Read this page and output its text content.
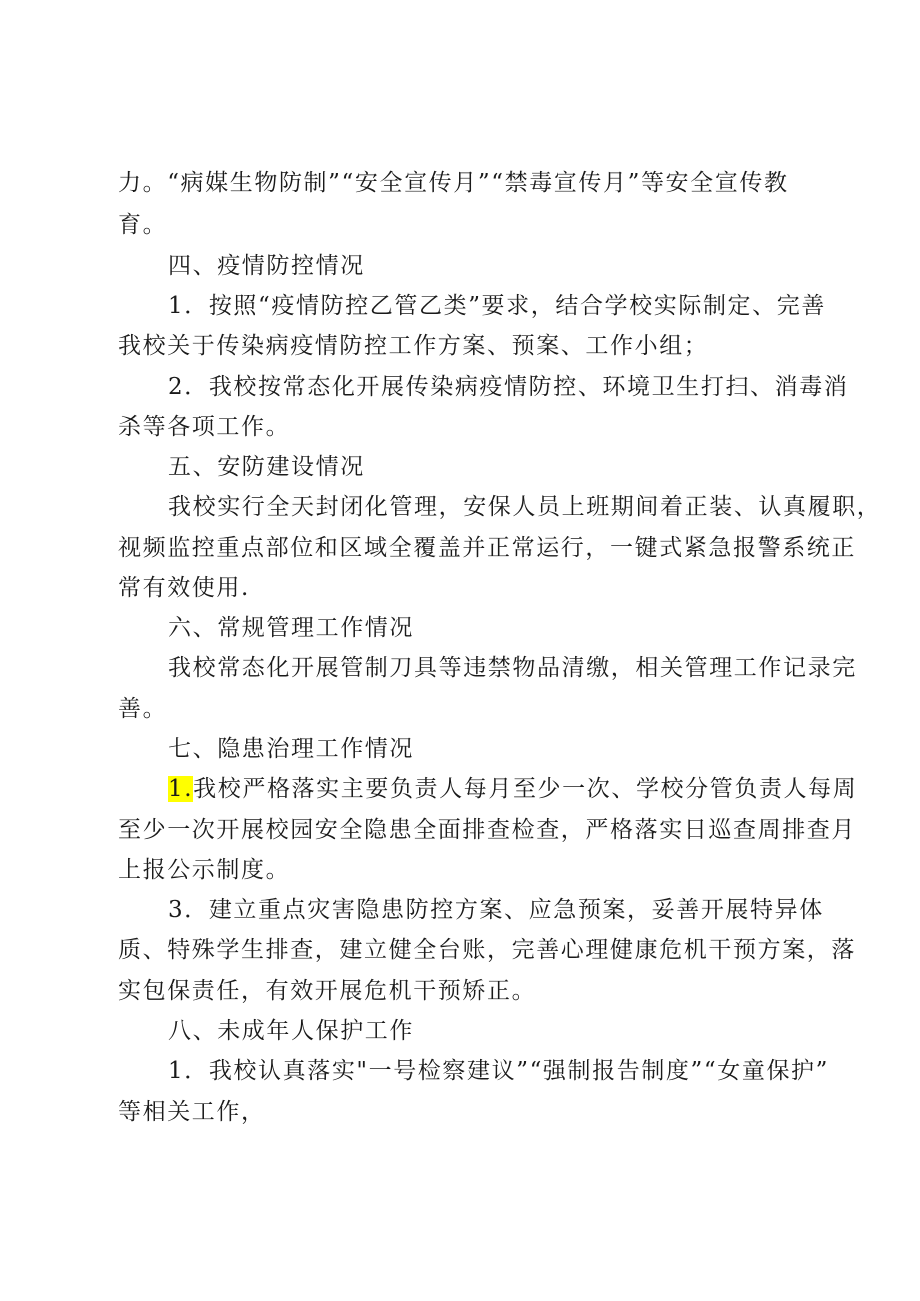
力。“病媒生物防制”“安全宣传月”“禁毒宣传月”等安全宣传教
育。
四、疫情防控情况
1．按照“疫情防控乙管乙类”要求，结合学校实际制定、完善
我校关于传染病疫情防控工作方案、预案、工作小组；
2．我校按常态化开展传染病疫情防控、环境卫生打扫、消毒消
杀等各项工作。
五、安防建设情况
我校实行全天封闭化管理，安保人员上班期间着正装、认真履职，
视频监控重点部位和区域全覆盖并正常运行，一键式紧急报警系统正
常有效使用.
六、常规管理工作情况
我校常态化开展管制刀具等违禁物品清缴，相关管理工作记录完
善。
七、隐患治理工作情况
1.我校严格落实主要负责人每月至少一次、学校分管负责人每周
至少一次开展校园安全隐患全面排查检查，严格落实日巡查周排查月
上报公示制度。
3．建立重点灾害隐患防控方案、应急预案，妥善开展特异体
质、特殊学生排查，建立健全台账，完善心理健康危机干预方案，落
实包保责任，有效开展危机干预矫正。
八、未成年人保护工作
1．我校认真落实"一号检察建议”“强制报告制度”“女童保护”
等相关工作，
